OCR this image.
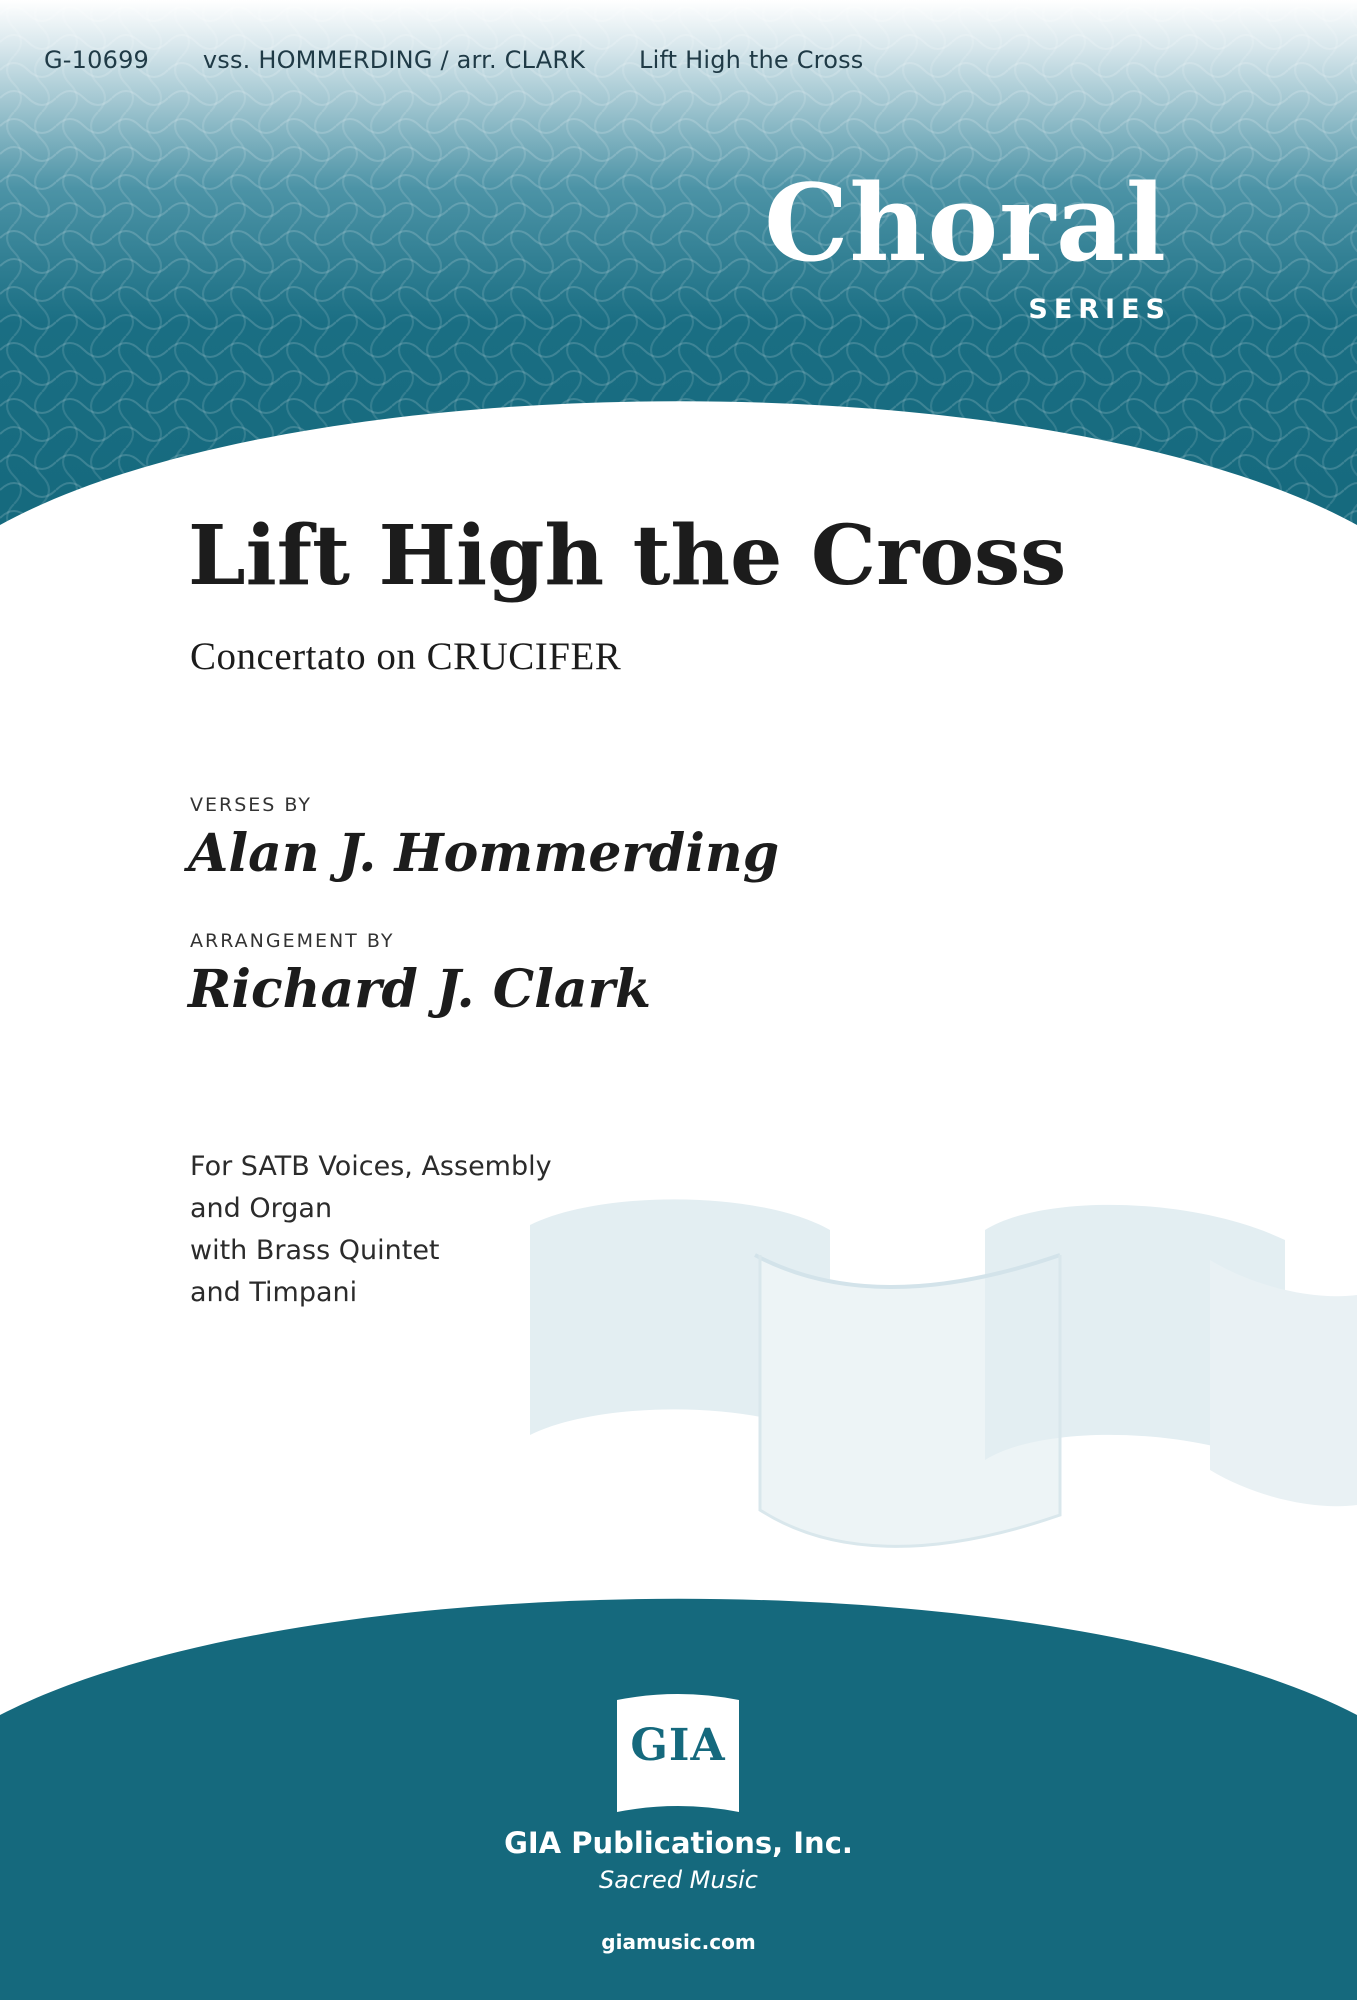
G-10699 vss. HOMMERDING / arr. CLARK Lift High the Cross
Choral
SERIES
Lift High the Cross
Concertato on CRUCIFER
VERSES BY
Alan J. Hommerding
ARRANGEMENT BY
Richard J. Clark
For SATB Voices, Assembly
and Organ
with Brass Quintet
and Timpani
GIA
GIA Publications, Inc.
Sacred Music
giamusic.com
